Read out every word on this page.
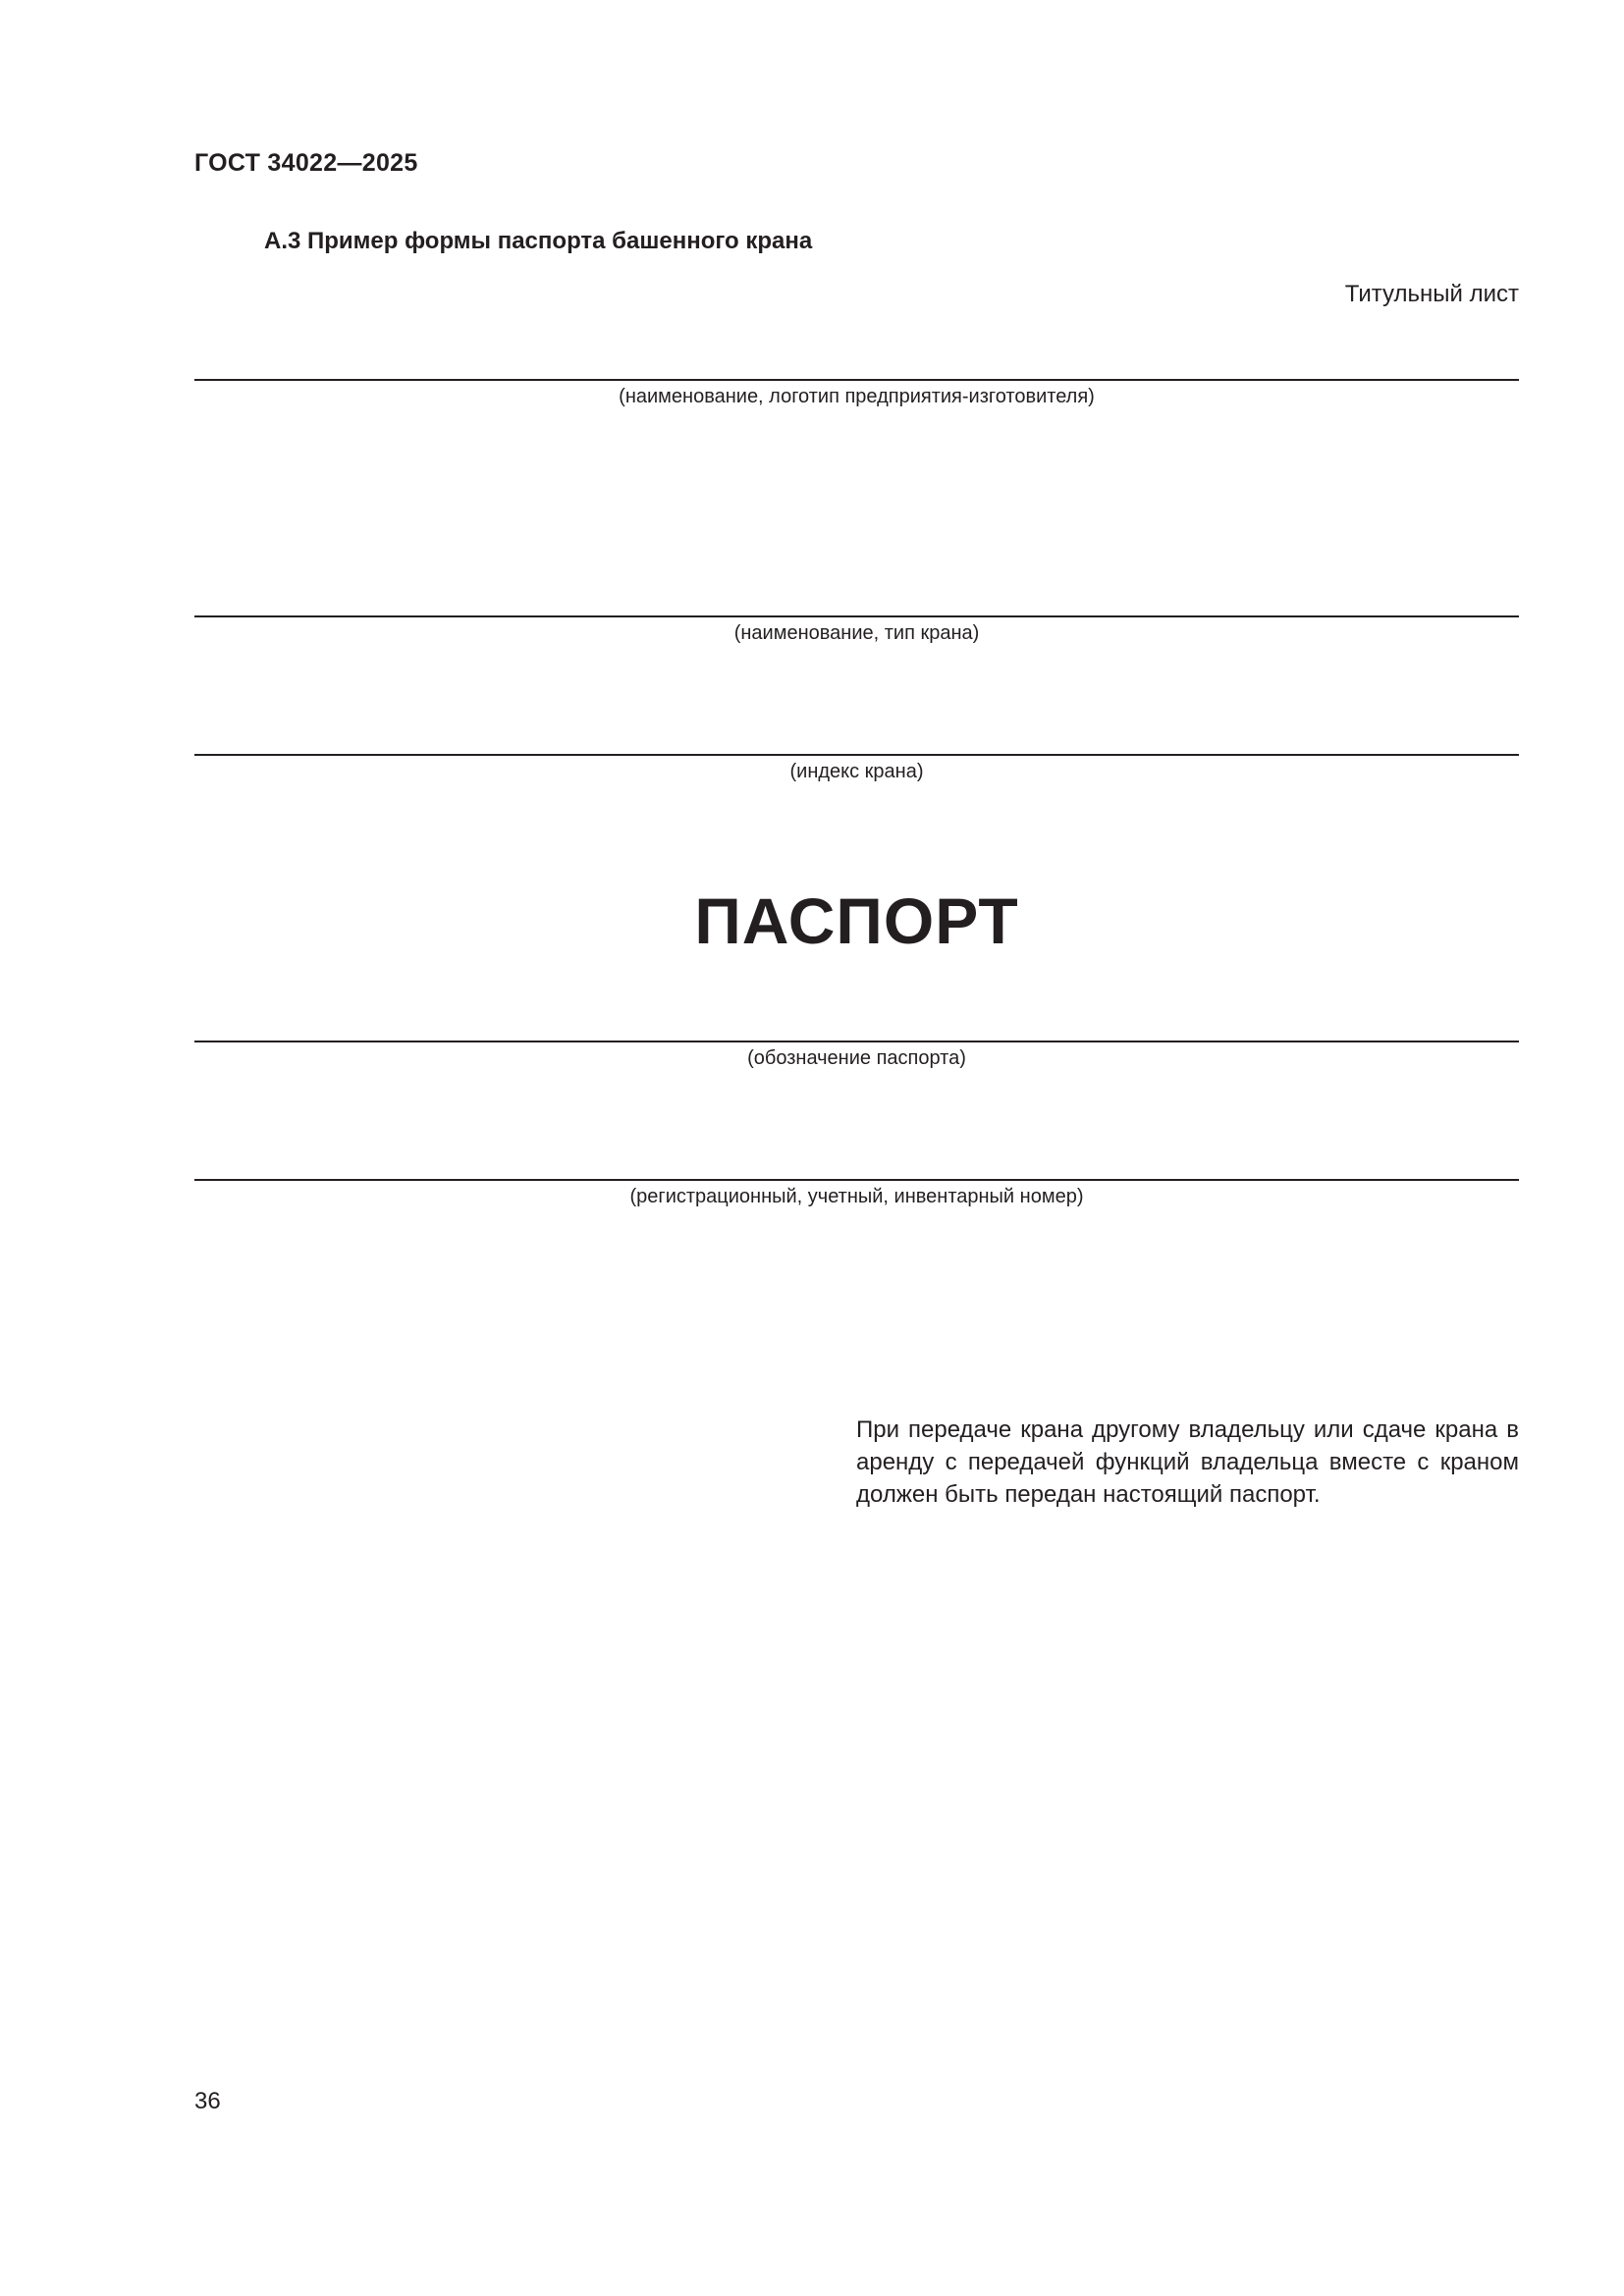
ГОСТ 34022—2025
А.3 Пример формы паспорта башенного крана
Титульный лист
(наименование, логотип предприятия-изготовителя)
(наименование, тип крана)
(индекс крана)
ПАСПОРТ
(обозначение паспорта)
(регистрационный, учетный, инвентарный номер)
При передаче крана другому владельцу или сдаче крана в аренду с передачей функций владельца вместе с краном должен быть передан настоящий паспорт.
36
